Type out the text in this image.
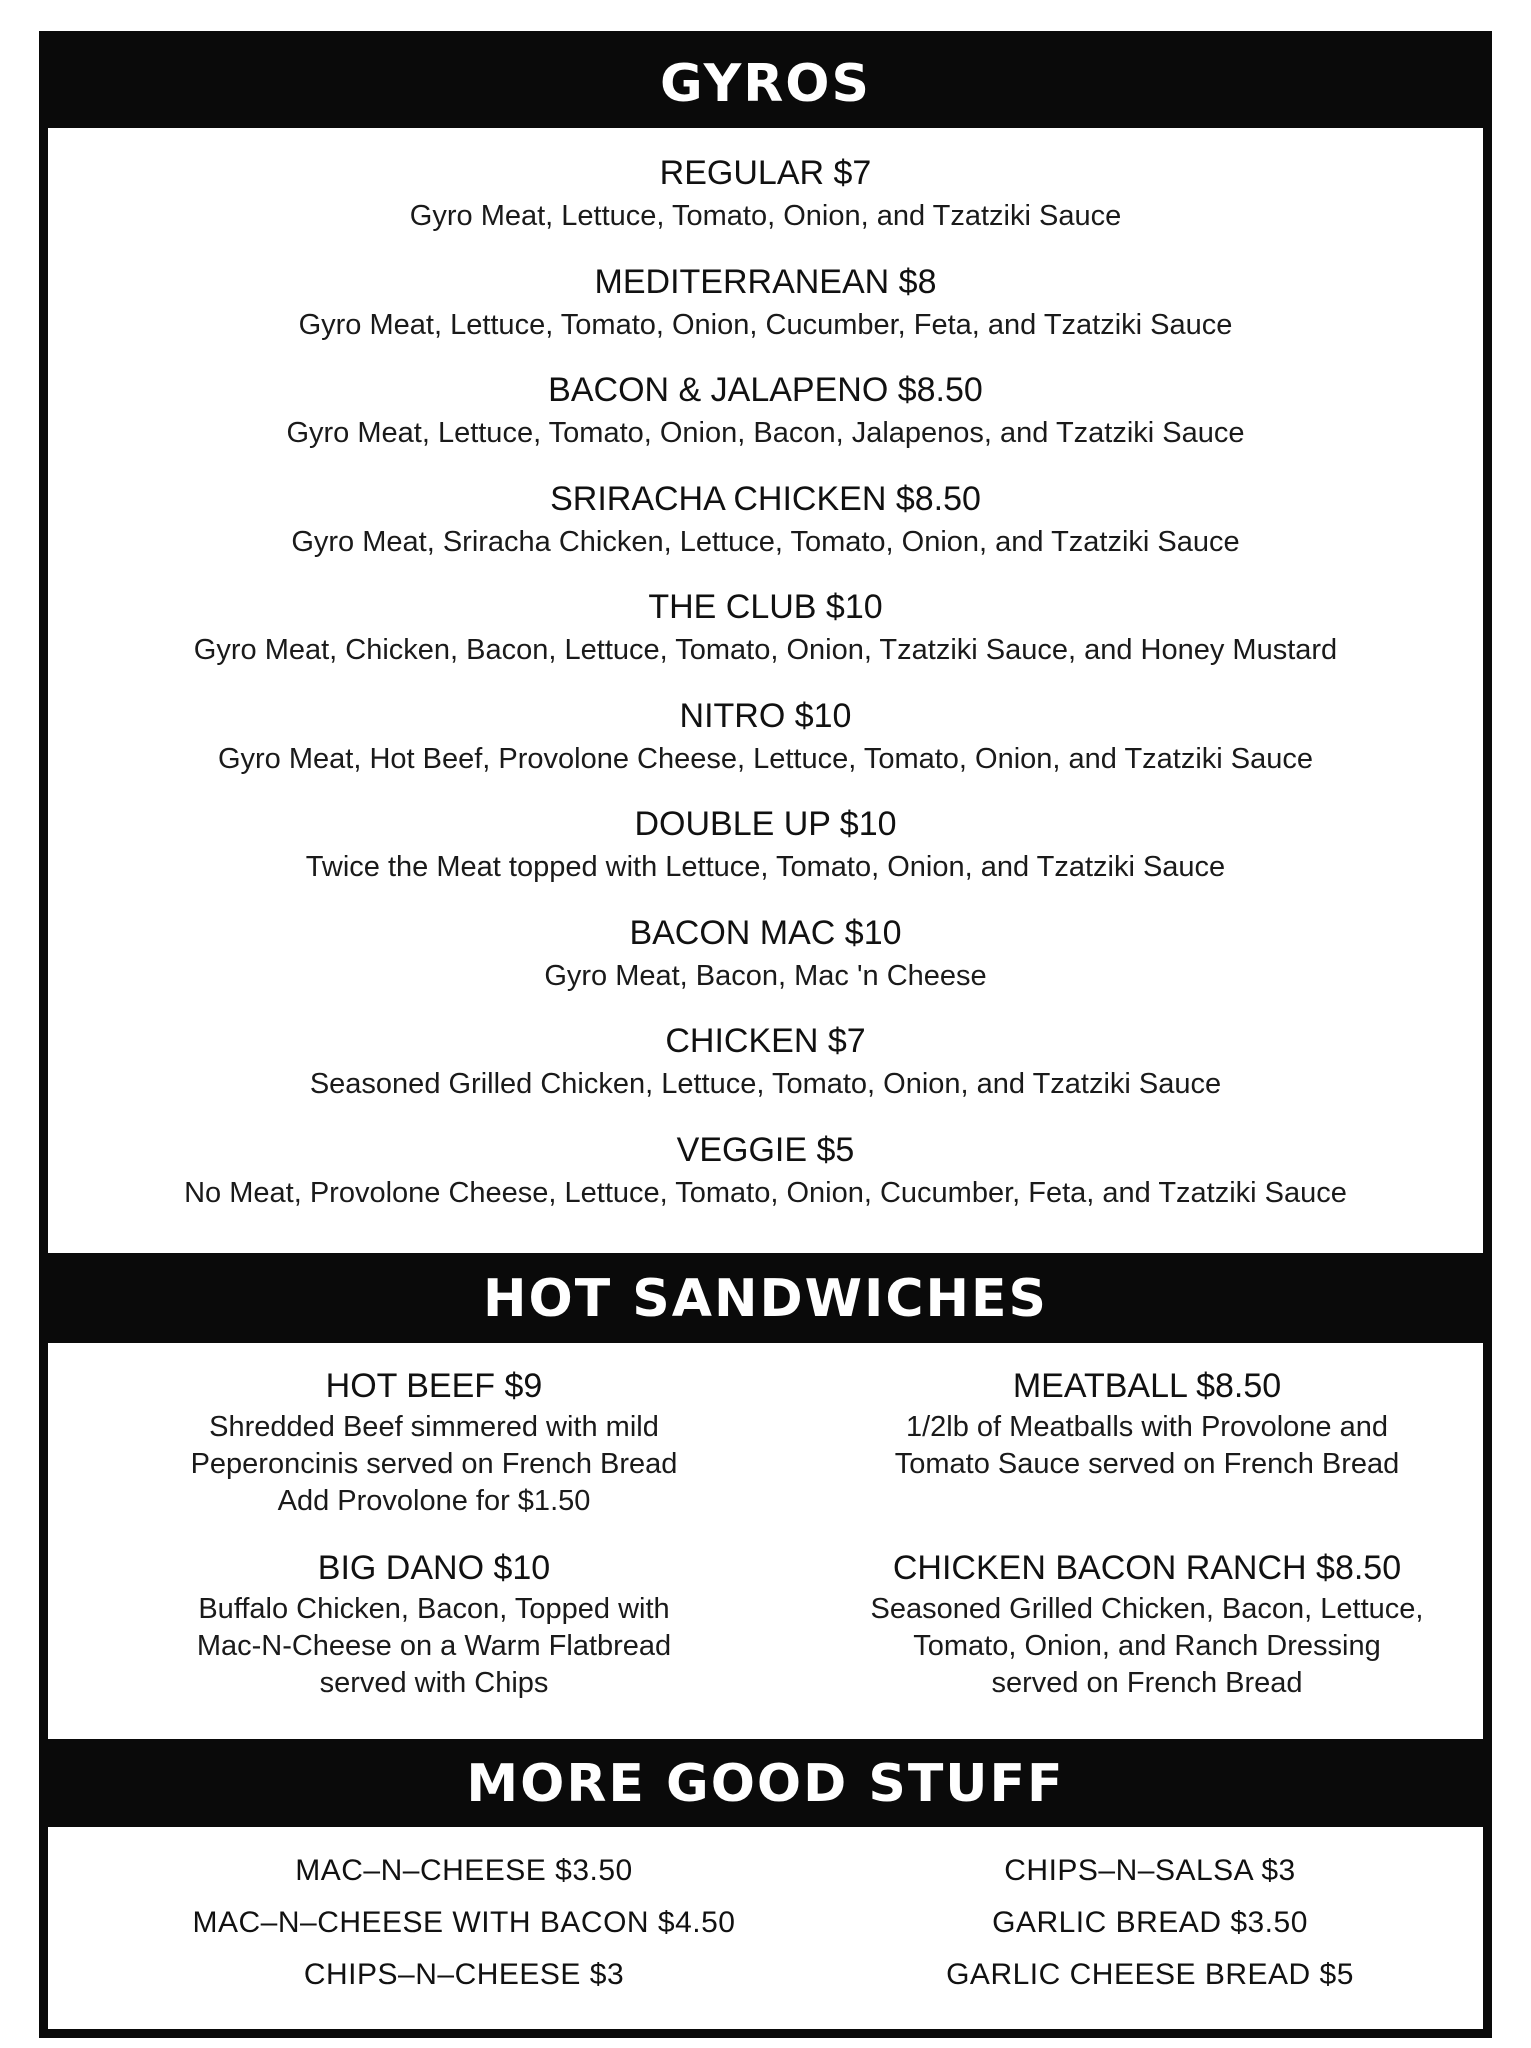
GYROS
REGULAR $7
Gyro Meat, Lettuce, Tomato, Onion, and Tzatziki Sauce
MEDITERRANEAN $8
Gyro Meat, Lettuce, Tomato, Onion, Cucumber, Feta, and Tzatziki Sauce
BACON & JALAPENO $8.50
Gyro Meat, Lettuce, Tomato, Onion, Bacon, Jalapenos, and Tzatziki Sauce
SRIRACHA CHICKEN $8.50
Gyro Meat, Sriracha Chicken, Lettuce, Tomato, Onion, and Tzatziki Sauce
THE CLUB $10
Gyro Meat, Chicken, Bacon, Lettuce, Tomato, Onion, Tzatziki Sauce, and Honey Mustard
NITRO $10
Gyro Meat, Hot Beef, Provolone Cheese, Lettuce, Tomato, Onion, and Tzatziki Sauce
DOUBLE UP $10
Twice the Meat topped with Lettuce, Tomato, Onion, and Tzatziki Sauce
BACON MAC $10
Gyro Meat, Bacon, Mac 'n Cheese
CHICKEN $7
Seasoned Grilled Chicken, Lettuce, Tomato, Onion, and Tzatziki Sauce
VEGGIE $5
No Meat, Provolone Cheese, Lettuce, Tomato, Onion, Cucumber, Feta, and Tzatziki Sauce
HOT SANDWICHES
HOT BEEF $9
Shredded Beef simmered with mild
Peperoncinis served on French Bread
Add Provolone for $1.50
MEATBALL $8.50
1/2lb of Meatballs with Provolone and
Tomato Sauce served on French Bread
BIG DANO $10
Buffalo Chicken, Bacon, Topped with
Mac-N-Cheese on a Warm Flatbread
served with Chips
CHICKEN BACON RANCH $8.50
Seasoned Grilled Chicken, Bacon, Lettuce,
Tomato, Onion, and Ranch Dressing
served on French Bread
MORE GOOD STUFF
MAC–N–CHEESE $3.50
MAC–N–CHEESE WITH BACON $4.50
CHIPS–N–CHEESE $3
CHIPS–N–SALSA $3
GARLIC BREAD $3.50
GARLIC CHEESE BREAD $5
